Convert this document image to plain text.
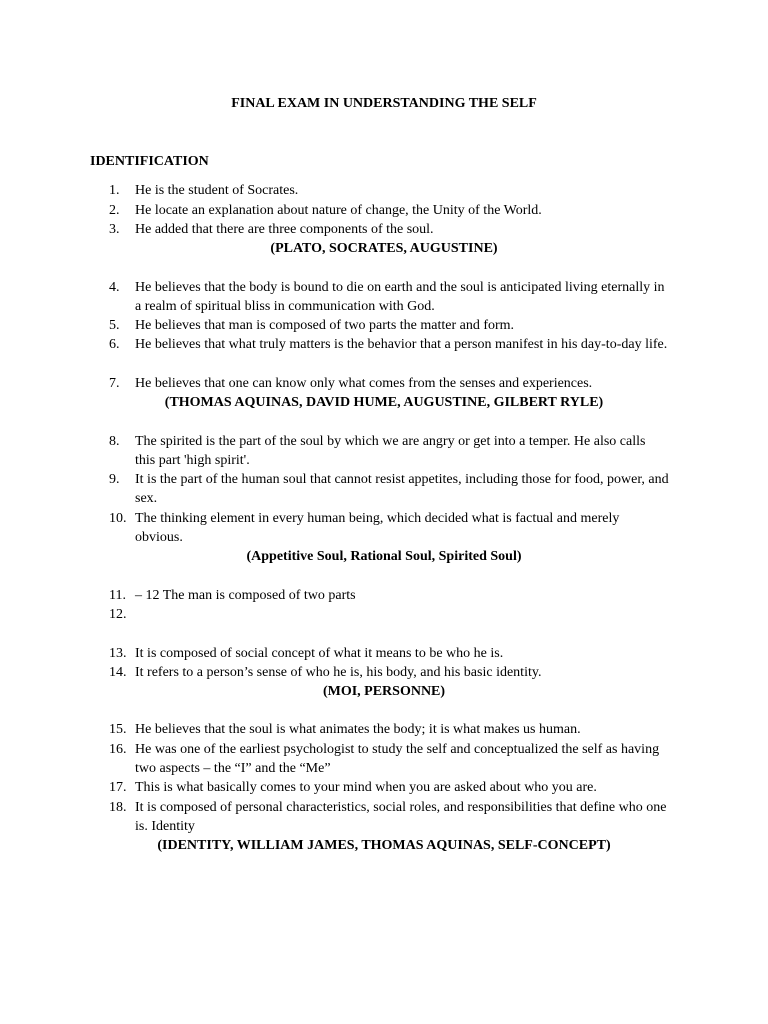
FINAL EXAM IN UNDERSTANDING THE SELF
IDENTIFICATION
1.	He is the student of Socrates.
2.	He locate an explanation about nature of change, the Unity of the World.
3.	He added that there are three components of the soul.
(PLATO, SOCRATES, AUGUSTINE)
4.	He believes that the body is bound to die on earth and the soul is anticipated living eternally in a realm of spiritual bliss in communication with God.
5.	He believes that man is composed of two parts the matter and form.
6.	He believes that what truly matters is the behavior that a person manifest in his day-to-day life.
7.	He believes that one can know only what comes from the senses and experiences.
(THOMAS AQUINAS, DAVID HUME, AUGUSTINE, GILBERT RYLE)
8.	The spirited is the part of the soul by which we are angry or get into a temper. He also calls this part 'high spirit'.
9.	It is the part of the human soul that cannot resist appetites, including those for food, power, and sex.
10. The thinking element in every human being, which decided what is factual and merely obvious.
(Appetitive Soul, Rational Soul, Spirited Soul)
11. – 12 The man is composed of two parts
12.
13. It is composed of social concept of what it means to be who he is.
14. It refers to a person’s sense of who he is, his body, and his basic identity.
(MOI, PERSONNE)
15. He believes that the soul is what animates the body; it is what makes us human.
16. He was one of the earliest psychologist to study the self and conceptualized the self as having two aspects – the “I” and the “Me”
17. This is what basically comes to your mind when you are asked about who you are.
18. It is composed of personal characteristics, social roles, and responsibilities that define who one is. Identity
(IDENTITY, WILLIAM JAMES, THOMAS AQUINAS, SELF-CONCEPT)
